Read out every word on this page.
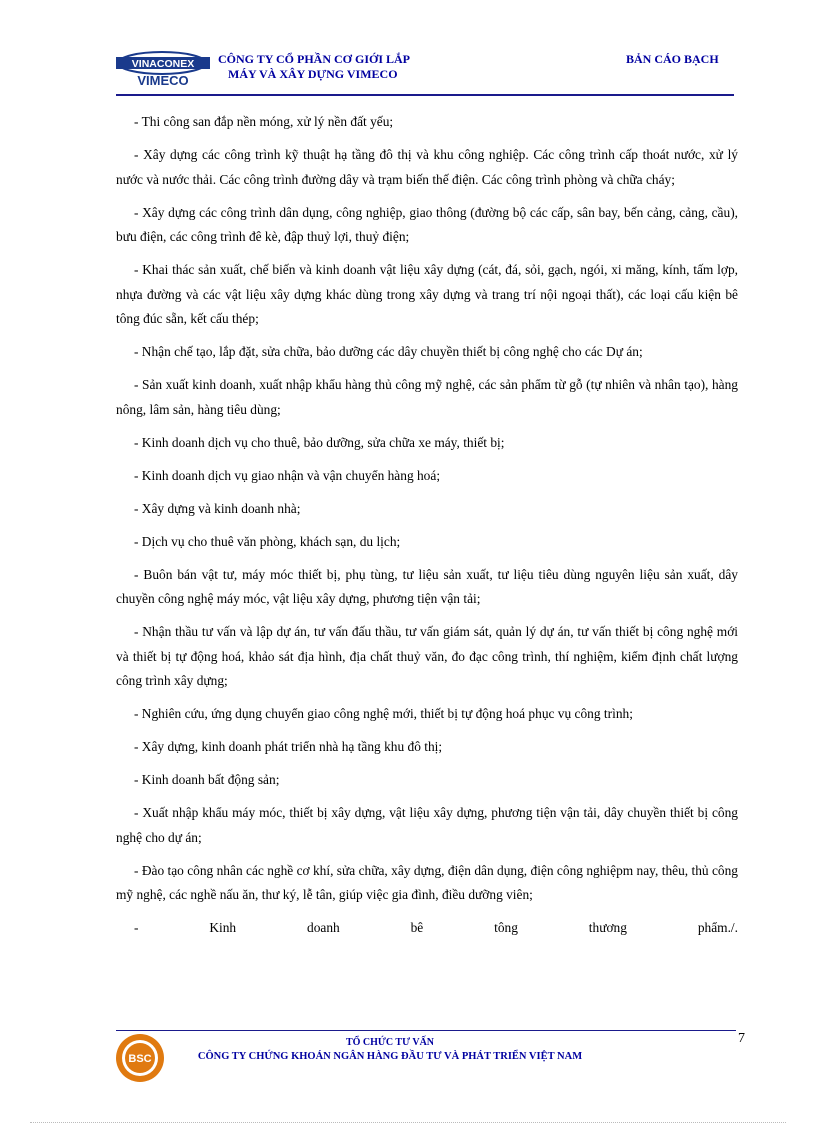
VINACONEX
VIMECO
CÔNG TY CỔ PHẦN CƠ GIỚI LẮP
MÁY VÀ XÂY DỰNG VIMECO
BẢN CÁO BẠCH

- Thi công san đắp nền móng, xử lý nền đất yếu;

- Xây dựng các công trình kỹ thuật hạ tầng đô thị và khu công nghiệp. Các công trình cấp thoát nước, xử lý nước và nước thải. Các công trình đường dây và trạm biến thế điện. Các công trình phòng và chữa cháy;

- Xây dựng các công trình dân dụng, công nghiệp, giao thông (đường bộ các cấp, sân bay, bến cảng, cảng, cầu), bưu điện, các công trình đê kè, đập thuỷ lợi, thuỷ điện;

- Khai thác sản xuất, chế biến và kinh doanh vật liệu xây dựng (cát, đá, sỏi, gạch, ngói, xi măng, kính, tấm lợp, nhựa đường và các vật liệu xây dựng khác dùng trong xây dựng và trang trí nội ngoại thất), các loại cấu kiện bê tông đúc sẵn, kết cấu thép;

- Nhận chế tạo, lắp đặt, sửa chữa, bảo dưỡng các dây chuyền thiết bị công nghệ cho các Dự án;

- Sản xuất kinh doanh, xuất nhập khẩu hàng thủ công mỹ nghệ, các sản phẩm từ gỗ (tự nhiên và nhân tạo), hàng nông, lâm sản, hàng tiêu dùng;

- Kinh doanh dịch vụ cho thuê, bảo dưỡng, sửa chữa xe máy, thiết bị;

- Kinh doanh dịch vụ giao nhận và vận chuyển hàng hoá;

- Xây dựng và kinh doanh nhà;

- Dịch vụ cho thuê văn phòng, khách sạn, du lịch;

- Buôn bán vật tư, máy móc thiết bị, phụ tùng, tư liệu sản xuất, tư liệu tiêu dùng nguyên liệu sản xuất, dây chuyền công nghệ máy móc, vật liệu xây dựng, phương tiện vận tải;

- Nhận thầu tư vấn và lập dự án, tư vấn đấu thầu, tư vấn giám sát, quản lý dự án, tư vấn thiết bị công nghệ mới và thiết bị tự động hoá, khảo sát địa hình, địa chất thuỷ văn, đo đạc công trình, thí nghiệm, kiểm định chất lượng công trình xây dựng;

- Nghiên cứu, ứng dụng chuyển giao công nghệ mới, thiết bị tự động hoá phục vụ công trình;

- Xây dựng, kinh doanh phát triển nhà hạ tầng khu đô thị;

- Kinh doanh bất động sản;

- Xuất nhập khẩu máy móc, thiết bị xây dựng, vật liệu xây dựng, phương tiện vận tải, dây chuyền thiết bị công nghệ cho dự án;

- Đào tạo công nhân các nghề cơ khí, sửa chữa, xây dựng, điện dân dụng, điện công nghiệpm nay, thêu, thủ công mỹ nghệ, các nghề nấu ăn, thư ký, lễ tân, giúp việc gia đình, điều dưỡng viên;

- Kinh doanh bê tông thương phẩm./.

7
BSC
TỔ CHỨC TƯ VẤN
CÔNG TY CHỨNG KHOÁN NGÂN HÀNG ĐẦU TƯ VÀ PHÁT TRIỂN VIỆT NAM
